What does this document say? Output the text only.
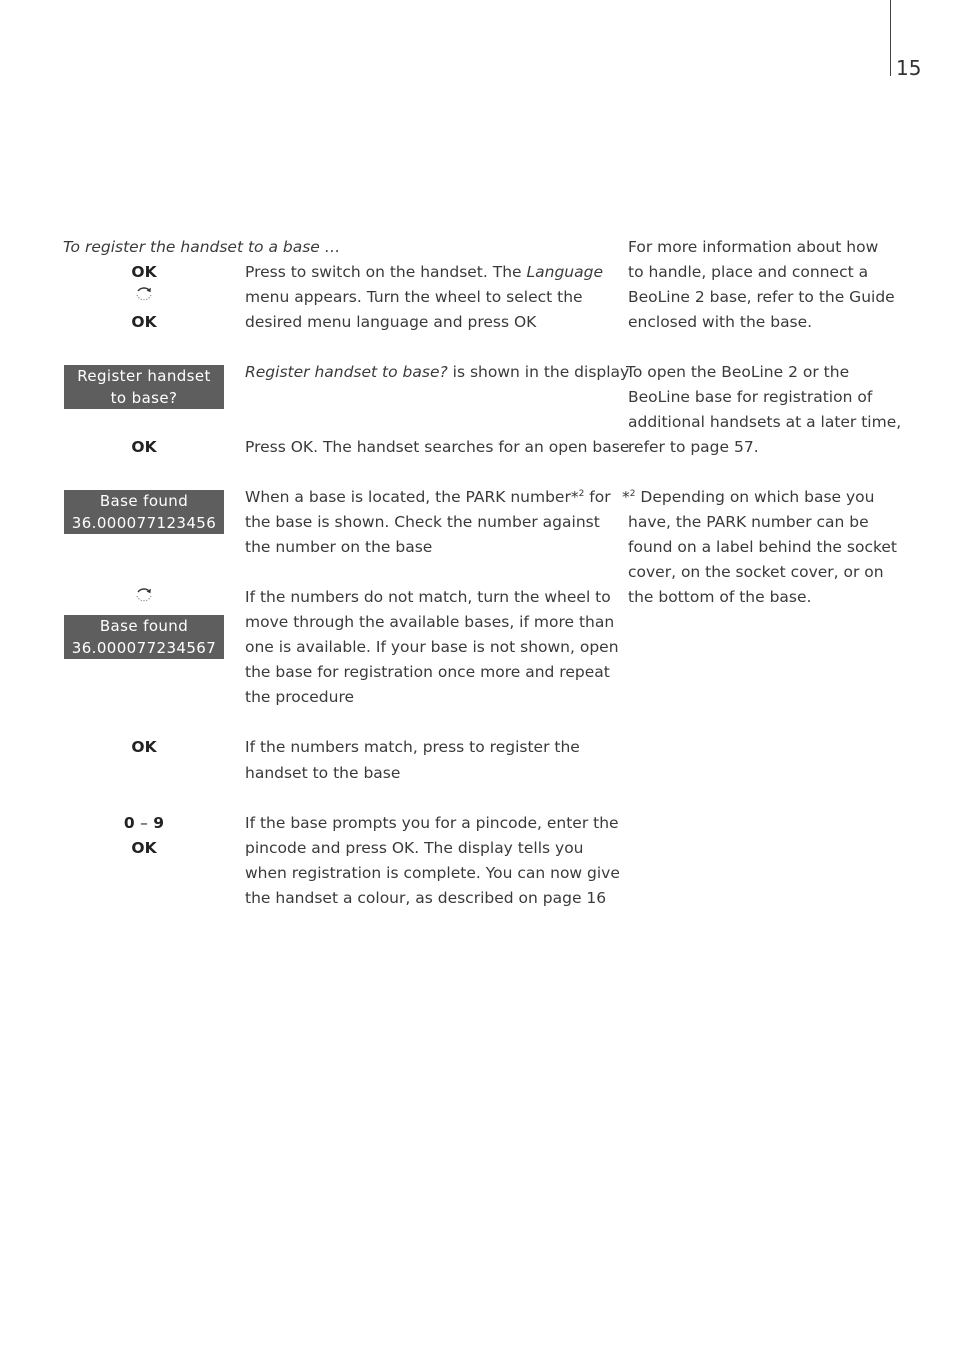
15
To register the handset to a base …
OK
OK
Press to switch on the handset. The Language
menu appears. Turn the wheel to select the
desired menu language and press OK
Register handset
to base?
Register handset to base? is shown in the display
OK	Press OK. The handset searches for an open base
Base found
36.000077123456
When a base is located, the PARK number*$^2$ for
the base is shown. Check the number against
the number on the base
Base found
36.000077234567
If the numbers do not match, turn the wheel to
move through the available bases, if more than
one is available. If your base is not shown, open
the base for registration once more and repeat
the procedure
OK	If the numbers match, press to register the
handset to the base
0 – 9
OK
If the base prompts you for a pincode, enter the
pincode and press OK. The display tells you
when registration is complete. You can now give
the handset a colour, as described on page 16
For more information about how
to handle, place and connect a
BeoLine 2 base, refer to the Guide
enclosed with the base.
To open the BeoLine 2 or the
BeoLine base for registration of
additional handsets at a later time,
refer to page 57.
*$^2$ Depending on which base you
have, the PARK number can be
found on a label behind the socket
cover, on the socket cover, or on
the bottom of the base.
